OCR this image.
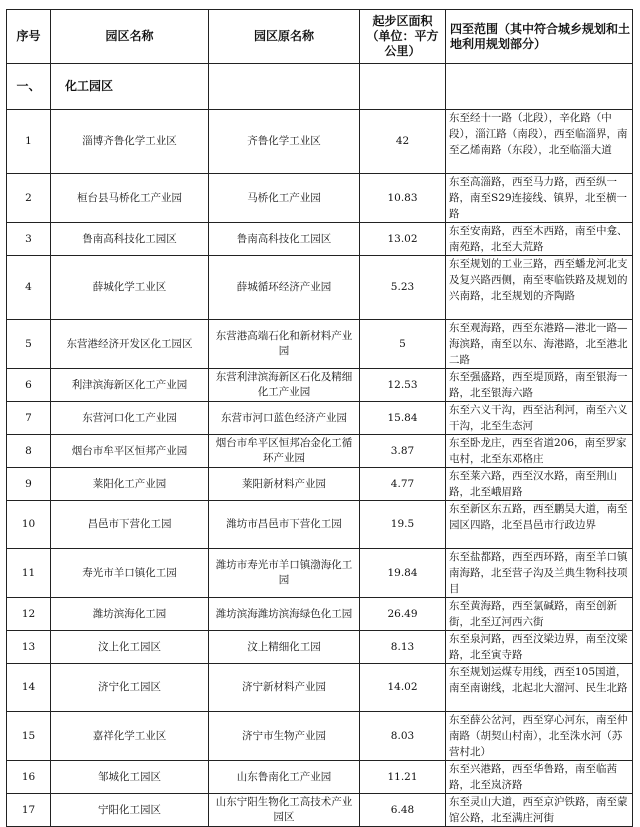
序号	园区名称	园区原名称	起步区面积（单位：平方公里）	四至范围（其中符合城乡规划和土地利用规划部分）
一、	化工园区			
1	淄博齐鲁化学工业区	齐鲁化学工业区	42	东至经十一路（北段），辛化路（中段），淄江路（南段），西至临淄界，南至乙烯南路（东段），北至临淄大道
2	桓台县马桥化工产业园	马桥化工产业园	10.83	东至高淄路，西至马力路，西至纵一路，南至S29连接线、镇界，北至横一路
3	鲁南高科技化工园区	鲁南高科技化工园区	13.02	东至安南路，西至木西路，南至中龛、南苑路，北至大荒路
4	薛城化学工业区	薛城循环经济产业园	5.23	东至规划的工业三路，西至蟠龙河北支及复兴路西侧，南至枣临铁路及规划的兴南路，北至规划的齐陶路
5	东营港经济开发区化工园区	东营港高端石化和新材料产业园	5	东至观海路，西至东港路—港北一路—海滨路，南至以东、海港路，北至港北二路
6	利津滨海新区化工产业园	东营利津滨海新区石化及精细化工产业园	12.53	东至强盛路，西至堤顶路，南至银海一路，北至银海六路
7	东营河口化工产业园	东营市河口蓝色经济产业园	15.84	东至六义干沟，西至沾利河，南至六义干沟，北至生态河
8	烟台市牟平区恒邦产业园	烟台市牟平区恒邦冶金化工循环产业园	3.87	东至卧龙庄，西至省道206，南至罗家屯村，北至东邓格庄
9	莱阳化工产业园	莱阳新材料产业园	4.77	东至莱六路，西至汉水路，南至荆山路，北至峨眉路
10	昌邑市下营化工园	潍坊市昌邑市下营化工园	19.5	东至新区东五路，西至鹏昊大道，南至园区四路，北至昌邑市行政边界
11	寿光市羊口镇化工园	潍坊市寿光市羊口镇渤海化工园	19.84	东至盐都路，西至西环路，南至羊口镇南海路，北至营子沟及兰典生物科技项目
12	潍坊滨海化工园	潍坊滨海潍坊滨海绿色化工园	26.49	东至黄海路，西至氯碱路，南至创新街，北至辽河西六街
13	汶上化工园区	汶上精细化工园	8.13	东至泉河路，西至汶梁边界，南至汶梁路，北至寅寺路
14	济宁化工园区	济宁新材料产业园	14.02	东至规划运煤专用线，西至105国道，南至南谢线，北起北大溜河、民生北路
15	嘉祥化学工业区	济宁市生物产业园	8.03	东至薛公岔河，西至穿心河东，南至仲南路（胡契山村南），北至洙水河（苏营村北）
16	邹城化工园区	山东鲁南化工产业园	11.21	东至兴港路，西至华鲁路，南至临茜路，北至岚济路
17	宁阳化工园区	山东宁阳生物化工高技术产业园区	6.48	东至灵山大道，西至京沪铁路，南至蒙馆公路，北至满庄河街
